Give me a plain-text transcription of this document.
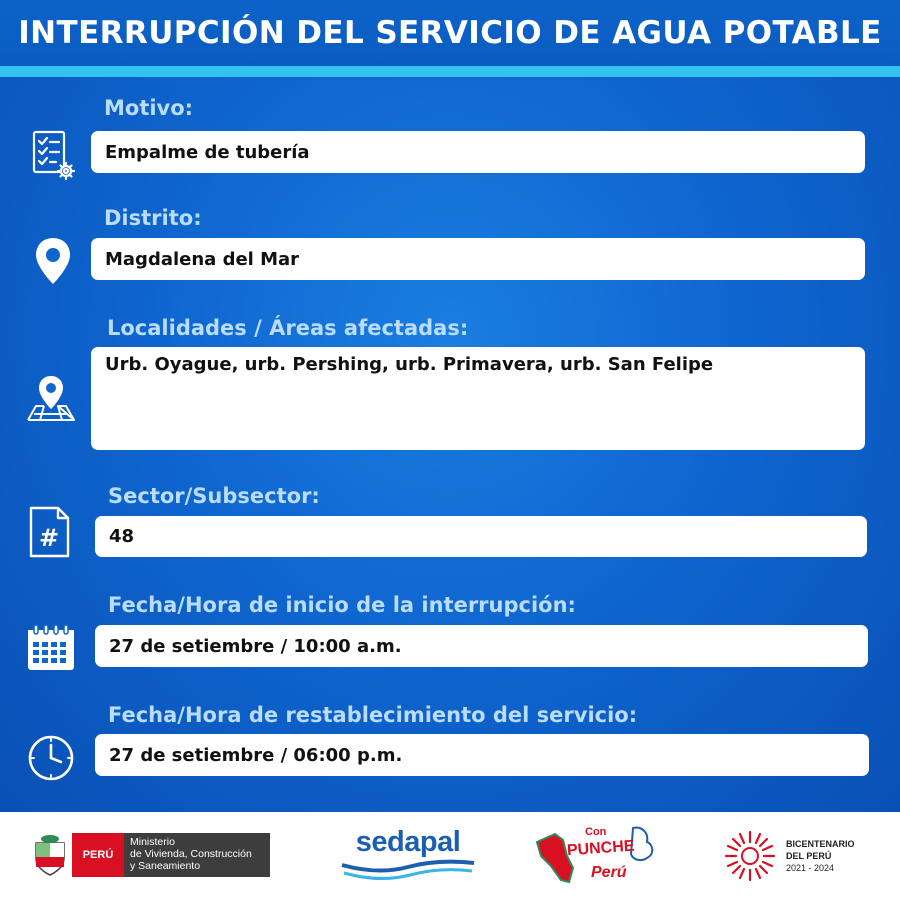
INTERRUPCIÓN DEL SERVICIO DE AGUA POTABLE
Motivo:
Empalme de tubería
Distrito:
Magdalena del Mar
Localidades / Áreas afectadas:
Urb. Oyague, urb. Pershing, urb. Primavera, urb. San Felipe
#
Sector/Subsector:
48
Fecha/Hora de inicio de la interrupción:
27 de setiembre / 10:00 a.m.
Fecha/Hora de restablecimiento del servicio:
27 de setiembre / 06:00 p.m.
PERÚ
Ministerio
de Vivienda, Construcción
y Saneamiento
sedapal	Con
PUNCHE
Perú
BICENTENARIO
DEL PERÚ
2021 - 2024
